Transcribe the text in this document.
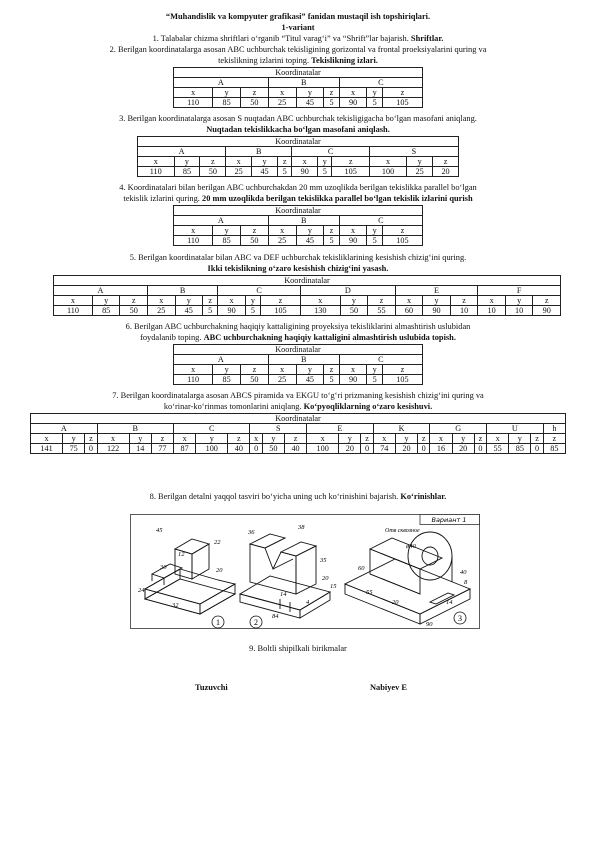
“Muhandislik va kompyuter grafikasi” fanidan mustaqil ish topshiriqlari.
1-variant
1. Talabalar chizma shriftlari o‘rganib “Titul varag‘i” va “Shrift”lar bajarish. Shriftlar.
2. Berilgan koordinatalarga asosan ABC uchburchak tekisligining gorizontal va frontal proeksiyalarini quring va
tekislikning izlarini toping. Tekislikning izlari.
Koordinatalar								
A			B			C		
x	y	z	x	y	z	x	y	z
110	85	50	25	45	5	90	5	105
3. Berilgan koordinatalarga asosan S nuqtadan ABC uchburchak tekisligigacha bo‘lgan masofani aniqlang.
Nuqtadan tekislikkacha bo‘lgan masofani aniqlash.
Koordinatalar											
A			B			C			S		
x	y	z	x	y	z	x	y	z	x	y	z
110	85	50	25	45	5	90	5	105	100	25	20
4. Koordinatalari bilan berilgan ABC uchburchakdan 20 mm uzoqlikda berilgan tekislikka parallel bo‘lgan
tekislik izlarini quring. 20 mm uzoqlikda berilgan tekislikka parallel bo‘lgan tekislik izlarini qurish
Koordinatalar								
A			B			C		
x	y	z	x	y	z	x	y	z
110	85	50	25	45	5	90	5	105
5. Berilgan koordinatalar bilan ABC va DEF uchburchak tekisliklarining kesishish chizig‘ini quring.
Ikki tekislikning o‘zaro kesishish chizig‘ini yasash.
Koordinatalar																	
A			B			C			D			E			F		
x	y	z	x	y	z	x	y	z	x	y	z	x	y	z	x	y	z
110	85	50	25	45	5	90	5	105	130	50	55	60	90	10	10	10	90
6. Berilgan ABC uchburchakning haqiqiy kattaligining proyeksiya tekisliklarini almashtirish uslubidan
foydalanib toping. ABC uchburchakning haqiqiy kattaligini almashtirish uslubida topish.
Koordinatalar								
A			B			C		
x	y	z	x	y	z	x	y	z
110	85	50	25	45	5	90	5	105
7. Berilgan koordinatalarga asosan ABCS piramida va EKGU to‘g‘ri prizmaning kesishish chizig‘ini quring va
ko‘rinar-ko‘rinmas tomonlarini aniqlang. Ko‘pyoqliklarning o‘zaro kesishuvi.
Koordinatalar																								
A			B			C			S			E			K			G			U			h
x	y	z	x	y	z	x	y	z	x	y	z	x	y	z	x	y	z	x	y	z	x	y	z	z
141	75	0	122	14	77	87	100	40	0	50	40	100	20	0	74	20	0	16	20	0	55	85	0	85
8. Berilgan detalni yaqqol tasviri bo‘yicha uning uch ko‘rinishini bajarish. Ko‘rinishlar.
Вариант 1
1
45
12
22
20
30
24
32
2
36
38
35
20
15
14
84
4
3
Отв сквозное
ø40
60
55
20
40
8
14
90
9. Boltli shipilkali birikmalar
Tuzuvchi	Nabiyev E
